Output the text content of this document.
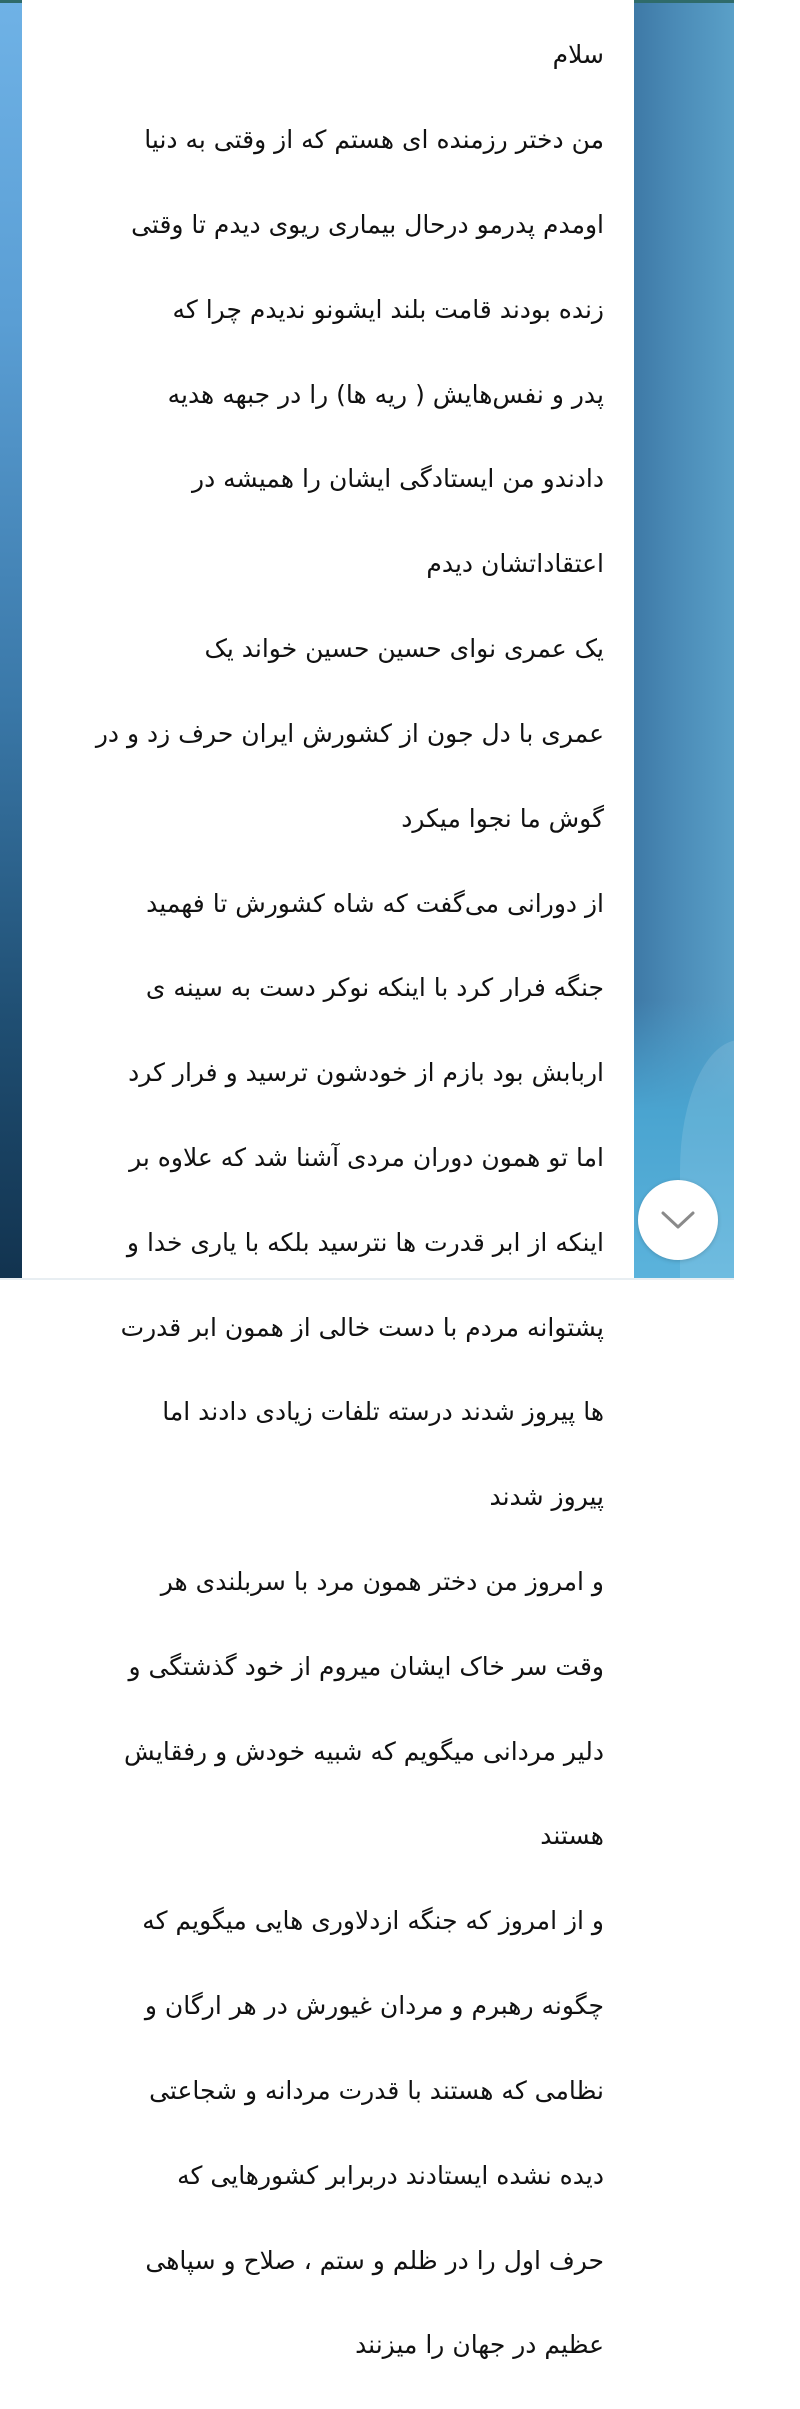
سلام

من دختر رزمنده ای هستم که از وقتی به دنیا

اومدم پدرمو درحال بیماری ریوی دیدم تا وقتی

زنده بودند قامت بلند ایشونو ندیدم چرا که

پدر و نفس‌هایش ( ریه ها) را در جبهه هدیه

دادندو من ایستادگی ایشان را همیشه در

اعتقاداتشان دیدم

یک عمری نوای حسین حسین خواند یک

عمری با دل جون از کشورش ایران حرف زد و در

گوش ما نجوا میکرد

از دورانی می‌گفت که شاه کشورش تا فهمید

جنگه فرار کرد با اینکه نوکر دست به سینه ی

اربابش بود بازم از خودشون ترسید و فرار کرد

اما تو همون دوران مردی آشنا شد که علاوه بر

اینکه از ابر قدرت ها نترسید بلکه با یاری خدا و

پشتوانه مردم با دست خالی از همون ابر قدرت

ها پیروز شدند درسته تلفات زیادی دادند اما

پیروز شدند

و امروز من دختر همون مرد با سربلندی هر

وقت سر خاک ایشان میروم از خود گذشتگی و

دلیر مردانی میگویم که شبیه خودش و رفقایش

هستند

و از امروز که جنگه ازدلاوری هایی میگویم که

چگونه رهبرم و مردان غیورش در هر ارگان و

نظامی که هستند با قدرت مردانه و شجاعتی

دیده نشده ایستادند دربرابر کشورهایی که

حرف اول را در ظلم و ستم ، صلاح و سپاهی

عظیم در جهان را میزنند
